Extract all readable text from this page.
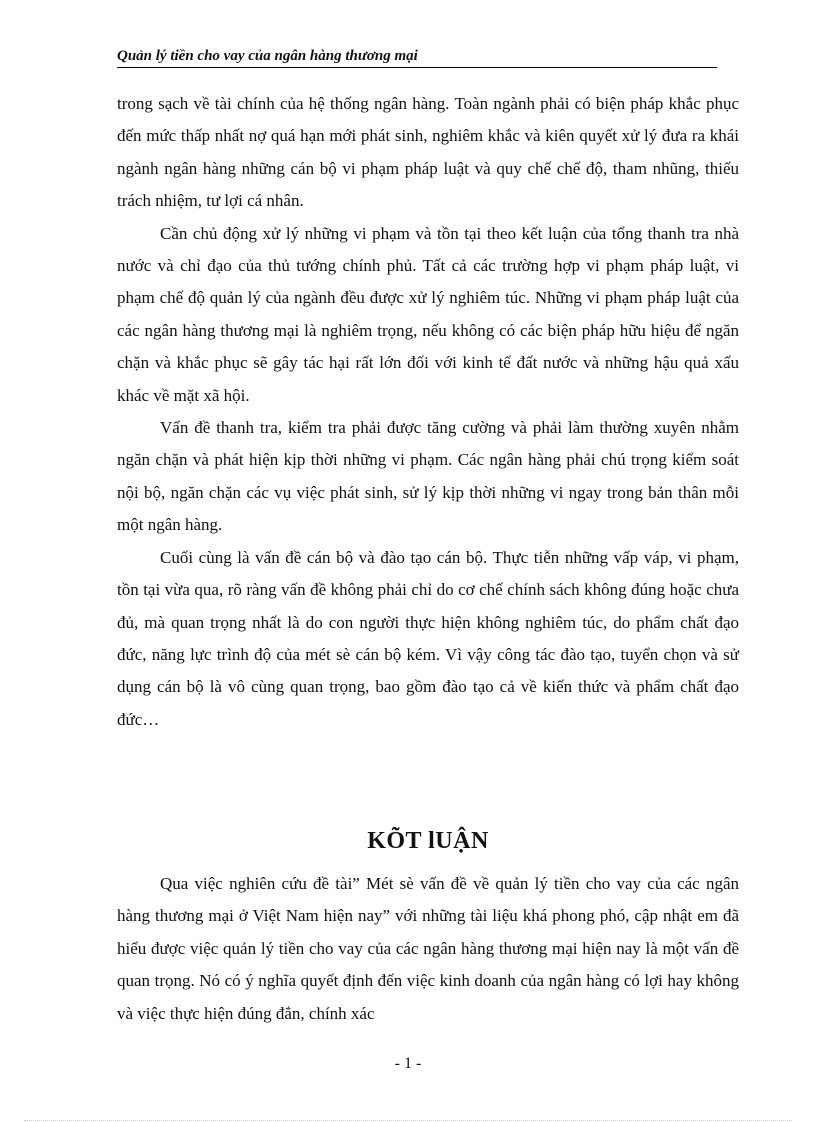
Quản lý tiền cho vay của ngân hàng thương mại

trong sạch về tài chính của hệ thống ngân hàng. Toàn ngành phải có biện pháp khắc phục đến mức thấp nhất nợ quá hạn mới phát sinh, nghiêm khắc và kiên quyết xử lý đưa ra khái ngành ngân hàng những cán bộ vi phạm pháp luật và quy chế chế độ, tham nhũng, thiếu trách nhiệm, tư lợi cá nhân.

Cần chủ động xử lý những vi phạm và tồn tại theo kết luận của tổng thanh tra nhà nước và chỉ đạo của thủ tướng chính phủ. Tất cả các trường hợp vi phạm pháp luật, vi phạm chế độ quản lý của ngành đều được xử lý nghiêm túc. Những vi phạm pháp luật của các ngân hàng thương mại là nghiêm trọng, nếu không có các biện pháp hữu hiệu để ngăn chặn và khắc phục sẽ gây tác hại rất lớn đối với kinh tế đất nước và những hậu quả xấu khác về mặt xã hội.

Vấn đề thanh tra, kiểm tra phải được tăng cường và phải làm thường xuyên nhằm ngăn chặn và phát hiện kịp thời những vi phạm. Các ngân hàng phải chú trọng kiểm soát nội bộ, ngăn chặn các vụ việc phát sinh, sử lý kịp thời những vi ngay trong bản thân mỗi một ngân hàng.

Cuối cùng là vấn đề cán bộ và đào tạo cán bộ. Thực tiễn những vấp váp, vi phạm, tồn tại vừa qua, rõ ràng vấn đề không phải chỉ do cơ chế chính sách không đúng hoặc chưa đủ, mà quan trọng nhất là do con người thực hiện không nghiêm túc, do phẩm chất đạo đức, năng lực trình độ của mét sè cán bộ kém. Vì vậy công tác đào tạo, tuyển chọn và sử dụng cán bộ là vô cùng quan trọng, bao gồm đào tạo cả về kiến thức và phẩm chất đạo đức…

KÕT lUẬN

Qua việc nghiên cứu đề tài” Mét sè vấn đề về quản lý tiền cho vay của các ngân hàng thương mại ở Việt Nam hiện nay” với những tài liệu khá phong phó, cập nhật em đã hiểu được việc quản lý tiền cho vay của các ngân hàng thương mại hiện nay là một vấn đề quan trọng. Nó có ý nghĩa quyết định đến việc kinh doanh của ngân hàng có lợi hay không và việc thực hiện đúng đắn, chính xác

- 1 -
